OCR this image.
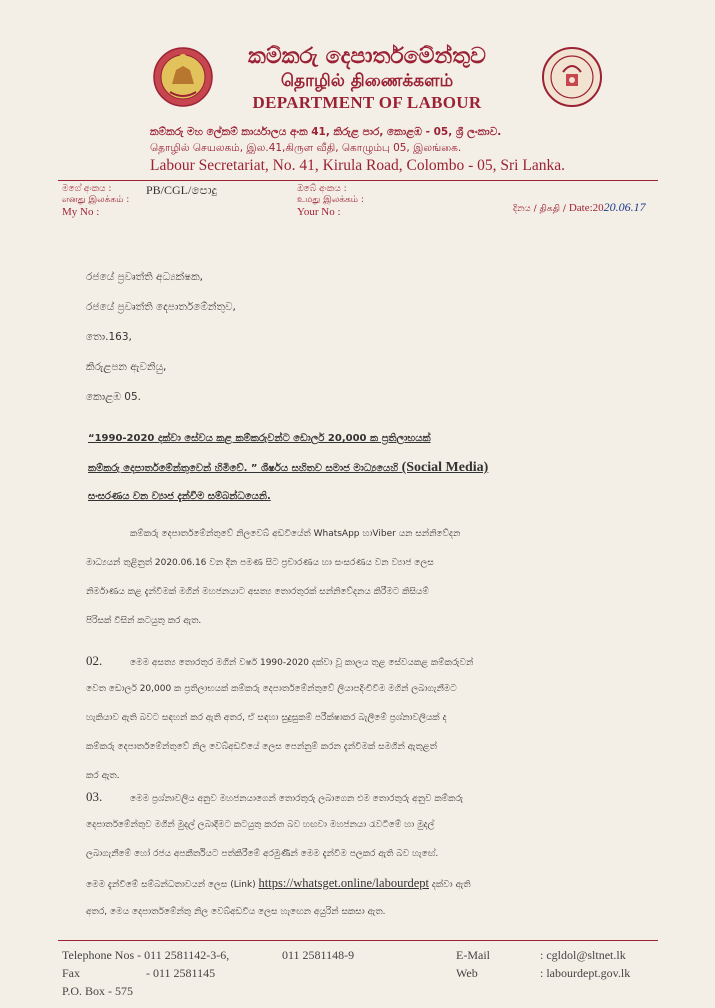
කම්කරු දෙපාර්තමේන්තුව
தொழில் திணைக்களம்
DEPARTMENT OF LABOUR
කම්කරු මහ ලේකම් කාර්යාලය අංක 41, කිරුළ පාර, කොළඹ - 05, ශ්‍රී ලංකාව.
தொழில் செயலகம், இல.41,கிருள வீதி, கொழும்பு 05, இலங்கை.
Labour Secretariat, No. 41, Kirula Road, Colombo - 05, Sri Lanka.
මගේ අංකය :
எனது இலக்கம் :
My No :
PB/CGL/පොදු	ඔබේ අංකය :
உமது இலக்கம் :
Your No :	දිනය / திகதி / Date:2020.06.17
රජයේ ප්‍රවෘත්ති අධ්‍යක්ෂක,
රජයේ ප්‍රවෘත්ති දෙපාර්තමේන්තුව,
තො.163,
කිරුළපන ඇවනියු,
කොළඹ 05.
“1990-2020 දක්වා සේවය කළ කම්කරුවන්ට ඩොලර් 20,000 ක ප්‍රතිලාභයක්
කම්කරු දෙපාර්තමේන්තුවෙන් හිමිවේ. ” ශීර්ෂය සහිතව සමාජ මාධ්‍යයෙහි (Social Media)
සංසරණය වන ව්‍යාජ දැන්වීම සම්බන්ධයෙනි.
කම්කරු දෙපාර්තමේන්තුවේ නිලවෙබ් අඩවියේත් WhatsApp හාViber යන සන්නිවේදන
මාධ්‍යයන් තුළිනුත් 2020.06.16 වන දින පමණ සිට ප්‍රචාරණය හා සංසරණය වන ව්‍යාජ ලෙස
නිර්මාණය කළ දැන්වීමක් මගින් මහජනයාට අසත්‍ය තොරතුරක් සන්නිවේදනය කිරීමට කිසියම්
පිරිසක් විසින් කටයුතු කර ඇත.
02.	මෙම අසත්‍ය තොරතුර මගින් වර්ෂ 1990-2020 දක්වා වූ කාලය තුළ සේවයකළ කම්කරුවන්
වෙත ඩොලර් 20,000 ක ප්‍රතිලාභයක් කම්කරු දෙපාර්තමේන්තුවේ ලියාපදිංචිවීම මගින් ලබාගැනීමට
හැකියාව ඇති බවට සඳහන් කර ඇති අතර, ඒ සඳහා සුදුසුකම් පරීක්ෂාකර බැලීමේ ප්‍රශ්නාවලියක් ද
කම්කරු දෙපාර්තමේන්තුවේ නිල වෙබ්අඩවියේ ලෙස පෙන්නුම් කරන දැන්වීමක් සමගින් ඇතුළත්
කර ඇත.
03.	මෙම ප්‍රශ්නාවලිය අනුව මහජනයාගෙන් තොරතුරු ලබාගෙන එම තොරතුරු අනුව කම්කරු
දෙපාර්තමේන්තුව මගින් මුදල් ලබාදීමට කටයුතු කරන බව හඟවා මහජනයා රැවටීමේ හා මුදල්
ලබාගැනීමේ හෝ රජය අපකීර්තියට පත්කිරීමේ අරමුණින් මෙම දැන්වීම පලකර ඇති බව හැඟේ.
මෙම දැන්වීමේ සම්බන්ධතාවයන් ලෙස (Link) https://whatsget.online/labourdept දක්වා ඇති
අතර, මෙය දෙපාර්තමේන්තු නිල වෙබ්අඩවිය ලෙස හැඟෙන අයුරින් සකසා ඇත.
Telephone Nos - 011 2581142-3-6,	011 2581148-9	E-Mail	: cgldol@sltnet.lk
Fax	- 011 2581145	Web	: labourdept.gov.lk
P.O. Box - 575
